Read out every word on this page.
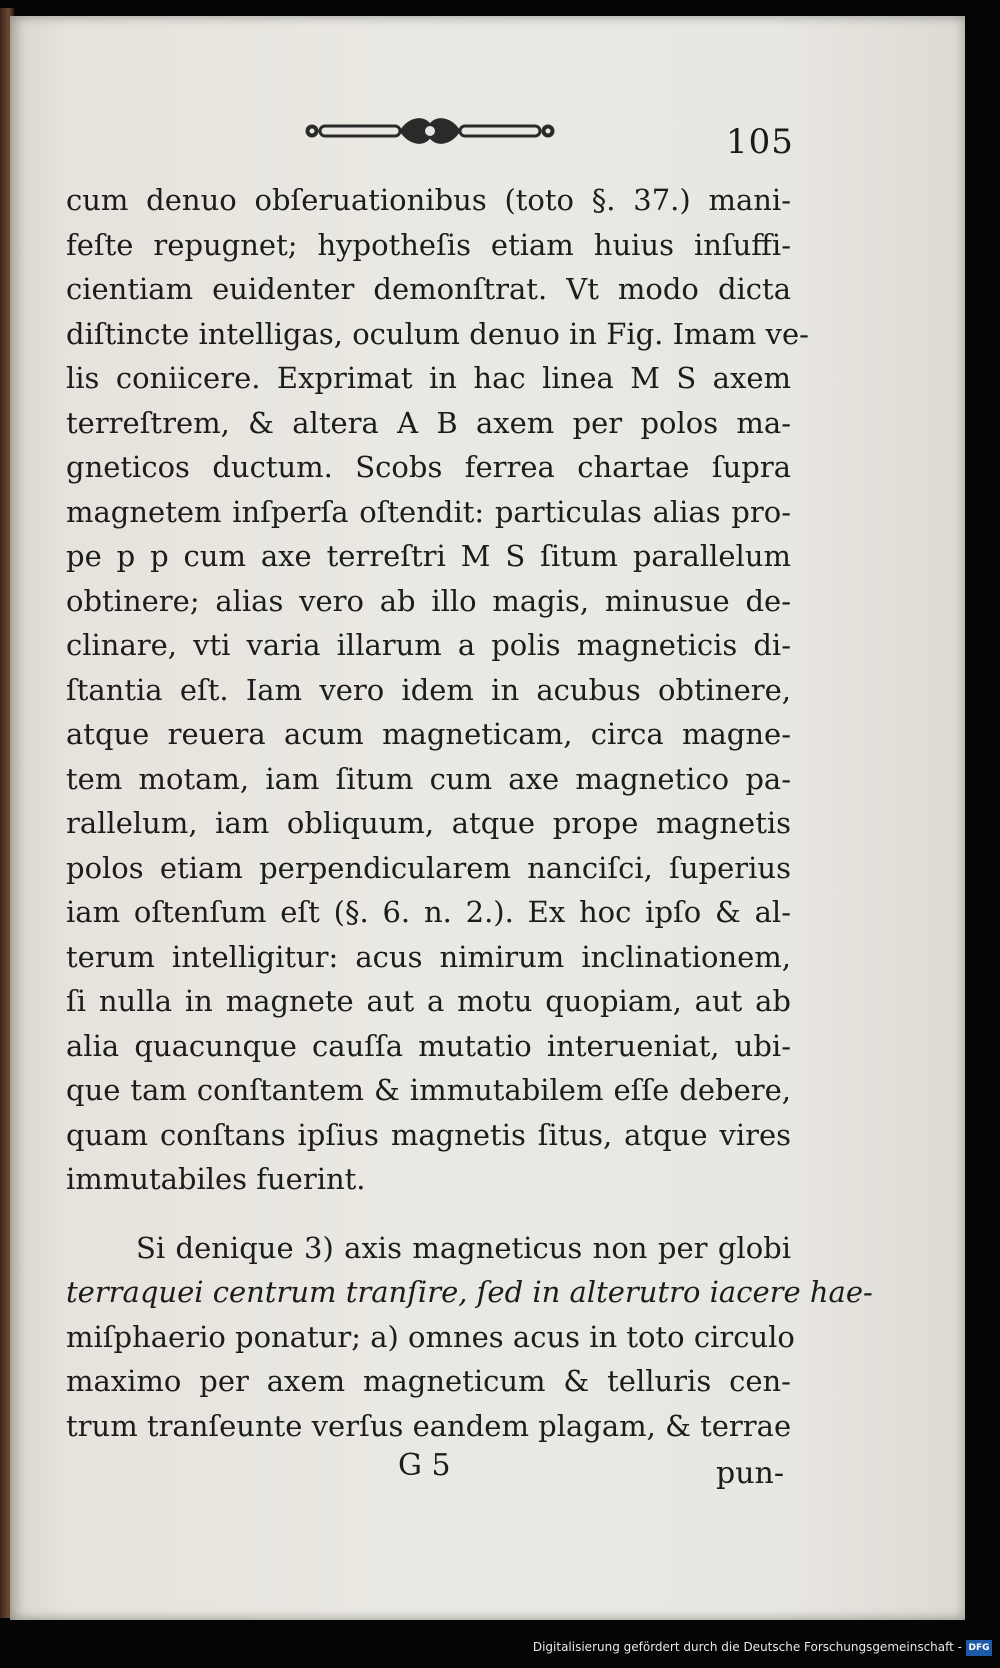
105
cum denuo obſeruationibus (toto §. 37.) mani-
feſte repugnet; hypotheſis etiam huius inſuffi-
cientiam euidenter demonſtrat. Vt modo dicta
diſtincte intelligas, oculum denuo in Fig. Imam ve-
lis coniicere. Exprimat in hac linea M S axem
terreſtrem, & altera A B axem per polos ma-
gneticos ductum. Scobs ferrea chartae ſupra
magnetem inſperſa oſtendit: particulas alias pro-
pe p p cum axe terreſtri M S ſitum parallelum
obtinere; alias vero ab illo magis, minusue de-
clinare, vti varia illarum a polis magneticis di-
ſtantia eſt. Iam vero idem in acubus obtinere,
atque reuera acum magneticam, circa magne-
tem motam, iam ſitum cum axe magnetico pa-
rallelum, iam obliquum, atque prope magnetis
polos etiam perpendicularem nanciſci, ſuperius
iam oſtenſum eſt (§. 6. n. 2.). Ex hoc ipſo & al-
terum intelligitur: acus nimirum inclinationem,
ſi nulla in magnete aut a motu quopiam, aut ab
alia quacunque cauſſa mutatio interueniat, ubi-
que tam conſtantem & immutabilem eſſe debere,
quam conſtans ipſius magnetis ſitus, atque vires
immutabiles fuerint.
Si denique 3) axis magneticus non per globi
terraquei centrum tranſire, ſed in alterutro iacere hae-
miſphaerio ponatur; a) omnes acus in toto circulo
maximo per axem magneticum & telluris cen-
trum tranſeunte verſus eandem plagam, & terrae
G 5	pun-
Digitalisierung gefördert durch die Deutsche Forschungsgemeinschaft - DFG
